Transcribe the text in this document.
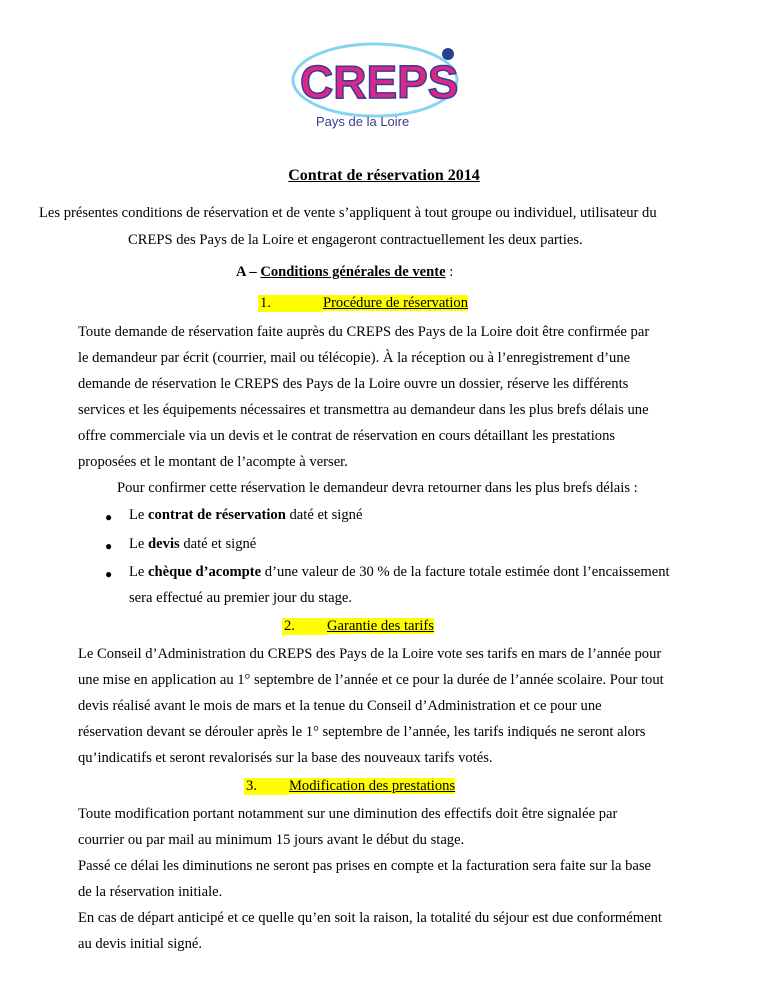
CREPS
Pays de la Loire
Contrat de réservation 2014
Les présentes conditions de réservation et de vente s’appliquent à tout groupe ou individuel, utilisateur du
CREPS des Pays de la Loire et engageront contractuellement les deux parties.
A – Conditions générales de vente :
1.	Procédure de réservation
Toute demande de réservation faite auprès du CREPS des Pays de la Loire doit être confirmée par
le demandeur par écrit (courrier, mail ou télécopie). À la réception ou à l’enregistrement d’une
demande de réservation le CREPS des Pays de la Loire ouvre un dossier, réserve les différents
services et les équipements nécessaires et transmettra au demandeur dans les plus brefs délais une
offre commerciale via un devis et le contrat de réservation en cours détaillant les prestations
proposées et le montant de l’acompte à verser.
Pour confirmer cette réservation le demandeur devra retourner dans les plus brefs délais :
● Le contrat de réservation daté et signé
● Le devis daté et signé
● Le chèque d’acompte d’une valeur de 30 % de la facture totale estimée dont l’encaissement
sera effectué au premier jour du stage.
2. Garantie des tarifs
Le Conseil d’Administration du CREPS des Pays de la Loire vote ses tarifs en mars de l’année pour
une mise en application au 1° septembre de l’année et ce pour la durée de l’année scolaire. Pour tout
devis réalisé avant le mois de mars et la tenue du Conseil d’Administration et ce pour une
réservation devant se dérouler après le 1° septembre de l’année, les tarifs indiqués ne seront alors
qu’indicatifs et seront revalorisés sur la base des nouveaux tarifs votés.
3. Modification des prestations
Toute modification portant notamment sur une diminution des effectifs doit être signalée par
courrier ou par mail au minimum 15 jours avant le début du stage.
Passé ce délai les diminutions ne seront pas prises en compte et la facturation sera faite sur la base
de la réservation initiale.
En cas de départ anticipé et ce quelle qu’en soit la raison, la totalité du séjour est due conformément
au devis initial signé.
